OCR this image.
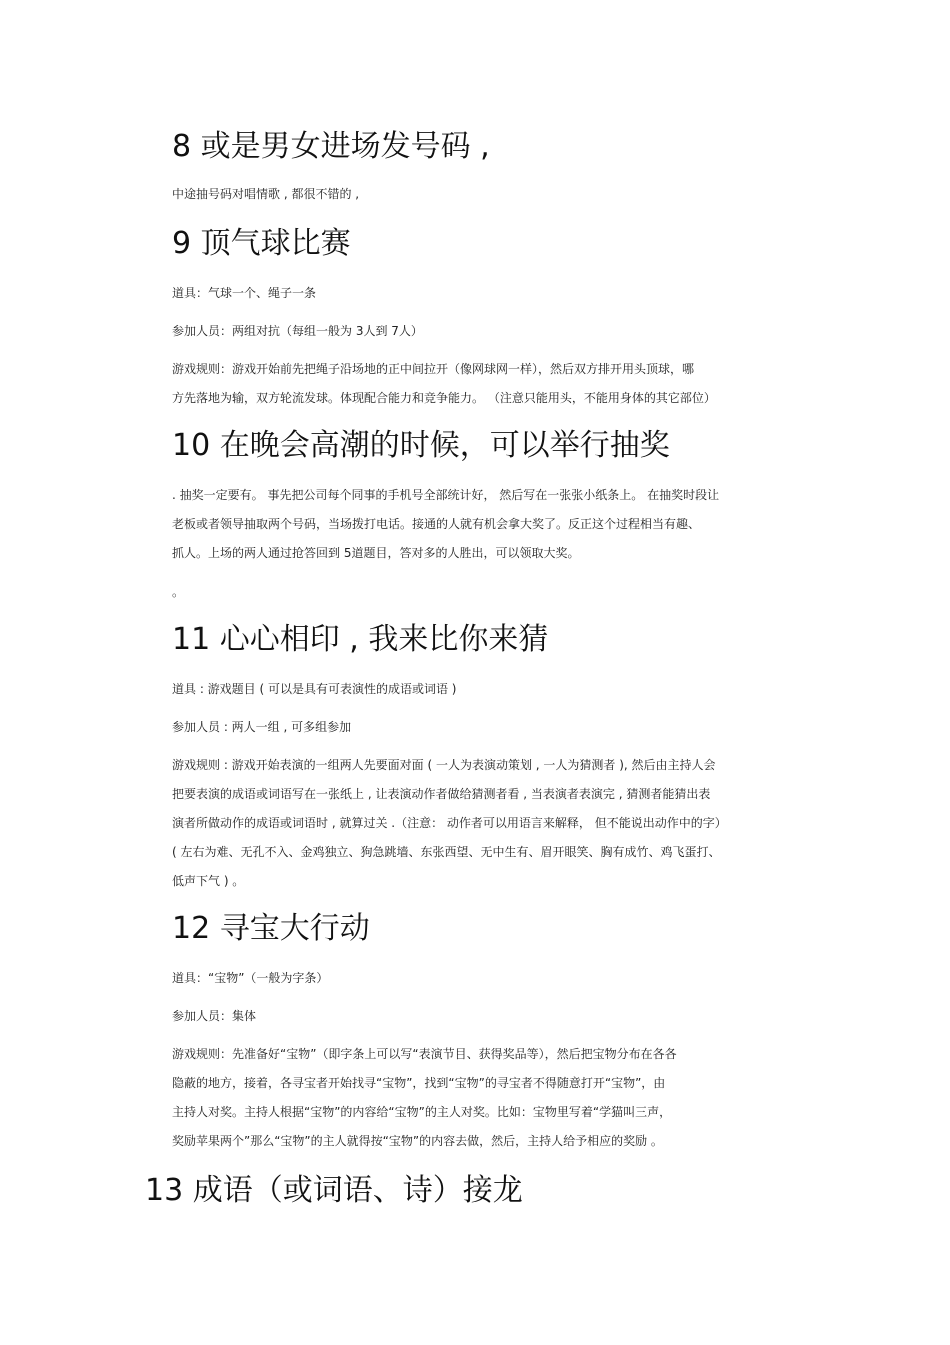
8 或是男女进场发号码 ,

中途抽号码对唱情歌 , 都很不错的 ,

9 顶气球比赛

道具：气球一个、绳子一条

参加人员：两组对抗（每组一般为 3人到 7人）

游戏规则：游戏开始前先把绳子沿场地的正中间拉开（像网球网一样），然后双方排开用头顶球，哪

方先落地为输，双方轮流发球。体现配合能力和竞争能力。 （注意只能用头，不能用身体的其它部位）

10 在晚会高潮的时候，可以举行抽奖

. 抽奖一定要有。 事先把公司每个同事的手机号全部统计好， 然后写在一张张小纸条上。 在抽奖时段让

老板或者领导抽取两个号码，当场拨打电话。接通的人就有机会拿大奖了。反正这个过程相当有趣、

抓人。上场的两人通过抢答回到 5道题目，答对多的人胜出，可以领取大奖。

。

11 心心相印 , 我来比你来猜

道具 : 游戏题目 ( 可以是具有可表演性的成语或词语 )

参加人员 : 两人一组 , 可多组参加

游戏规则 : 游戏开始表演的一组两人先要面对面 ( 一人为表演动策划 , 一人为猜测者 ), 然后由主持人会

把要表演的成语或词语写在一张纸上 , 让表演动作者做给猜测者看 , 当表演者表演完 , 猜测者能猜出表

演者所做动作的成语或词语时 , 就算过关 .（注意： 动作者可以用语言来解释， 但不能说出动作中的字）

( 左右为难、无孔不入、金鸡独立、狗急跳墙、东张西望、无中生有、眉开眼笑、胸有成竹、鸡飞蛋打、

低声下气 ) 。

12 寻宝大行动

道具：“宝物”（一般为字条）

参加人员：集体

游戏规则：先准备好“宝物”（即字条上可以写“表演节目、获得奖品等），然后把宝物分布在各各

隐蔽的地方，接着，各寻宝者开始找寻“宝物”，找到“宝物”的寻宝者不得随意打开“宝物”，由

主持人对奖。主持人根据“宝物”的内容给“宝物”的主人对奖。比如：宝物里写着“学猫叫三声，

奖励苹果两个”那么“宝物”的主人就得按“宝物”的内容去做，然后，主持人给予相应的奖励 。

13 成语（或词语、诗）接龙
